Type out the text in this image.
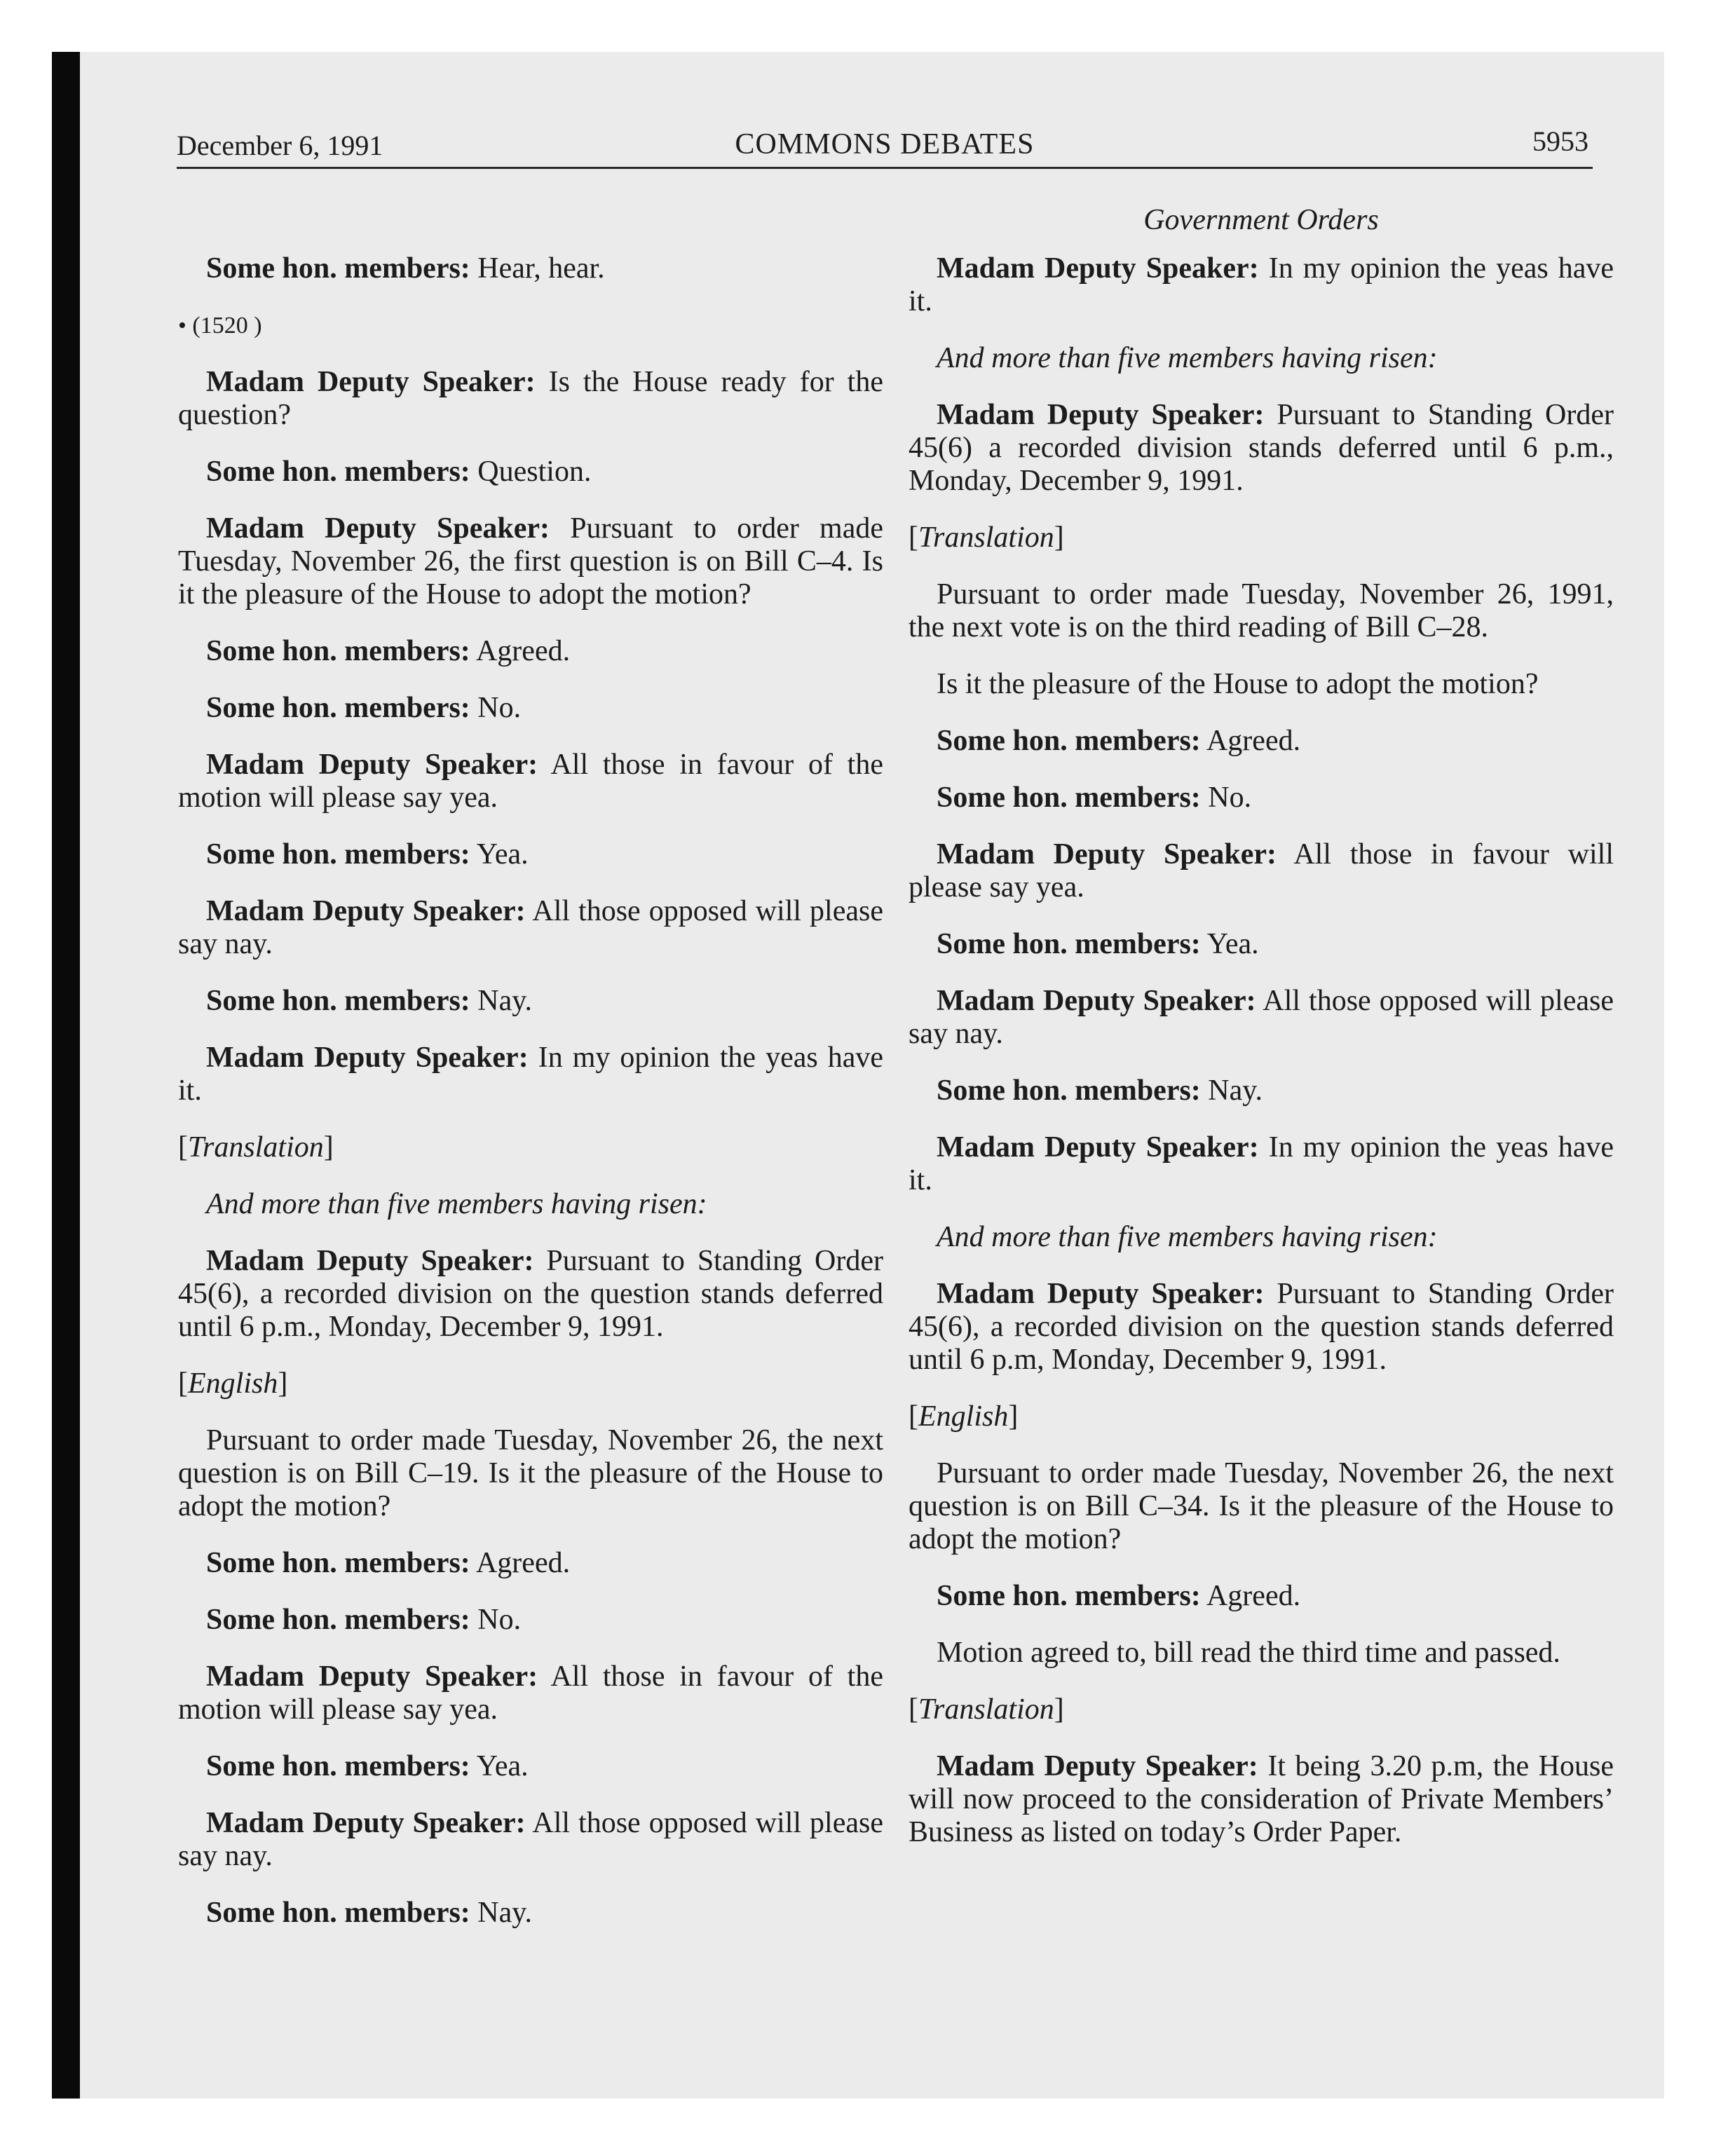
December 6, 1991	COMMONS DEBATES	5953
Government Orders

Some hon. members: Hear, hear.

• (1520 )

Madam Deputy Speaker: Is the House ready for the question?

Some hon. members: Question.

Madam Deputy Speaker: Pursuant to order made Tuesday, November 26, the first question is on Bill C–4. Is it the pleasure of the House to adopt the motion?

Some hon. members: Agreed.

Some hon. members: No.

Madam Deputy Speaker: All those in favour of the motion will please say yea.

Some hon. members: Yea.

Madam Deputy Speaker: All those opposed will please say nay.

Some hon. members: Nay.

Madam Deputy Speaker: In my opinion the yeas have it.

[Translation]

And more than five members having risen:

Madam Deputy Speaker: Pursuant to Standing Order 45(6), a recorded division on the question stands deferred until 6 p.m., Monday, December 9, 1991.

[English]

Pursuant to order made Tuesday, November 26, the next question is on Bill C–19. Is it the pleasure of the House to adopt the motion?

Some hon. members: Agreed.

Some hon. members: No.

Madam Deputy Speaker: All those in favour of the motion will please say yea.

Some hon. members: Yea.

Madam Deputy Speaker: All those opposed will please say nay.

Some hon. members: Nay.

Madam Deputy Speaker: In my opinion the yeas have it.

And more than five members having risen:

Madam Deputy Speaker: Pursuant to Standing Order 45(6) a recorded division stands deferred until 6 p.m., Monday, December 9, 1991.

[Translation]

Pursuant to order made Tuesday, November 26, 1991, the next vote is on the third reading of Bill C–28.

Is it the pleasure of the House to adopt the motion?

Some hon. members: Agreed.

Some hon. members: No.

Madam Deputy Speaker: All those in favour will please say yea.

Some hon. members: Yea.

Madam Deputy Speaker: All those opposed will please say nay.

Some hon. members: Nay.

Madam Deputy Speaker: In my opinion the yeas have it.

And more than five members having risen:

Madam Deputy Speaker: Pursuant to Standing Order 45(6), a recorded division on the question stands deferred until 6 p.m, Monday, December 9, 1991.

[English]

Pursuant to order made Tuesday, November 26, the next question is on Bill C–34. Is it the pleasure of the House to adopt the motion?

Some hon. members: Agreed.

Motion agreed to, bill read the third time and passed.

[Translation]

Madam Deputy Speaker: It being 3.20 p.m, the House will now proceed to the consideration of Private Members’ Business as listed on today’s Order Paper.
